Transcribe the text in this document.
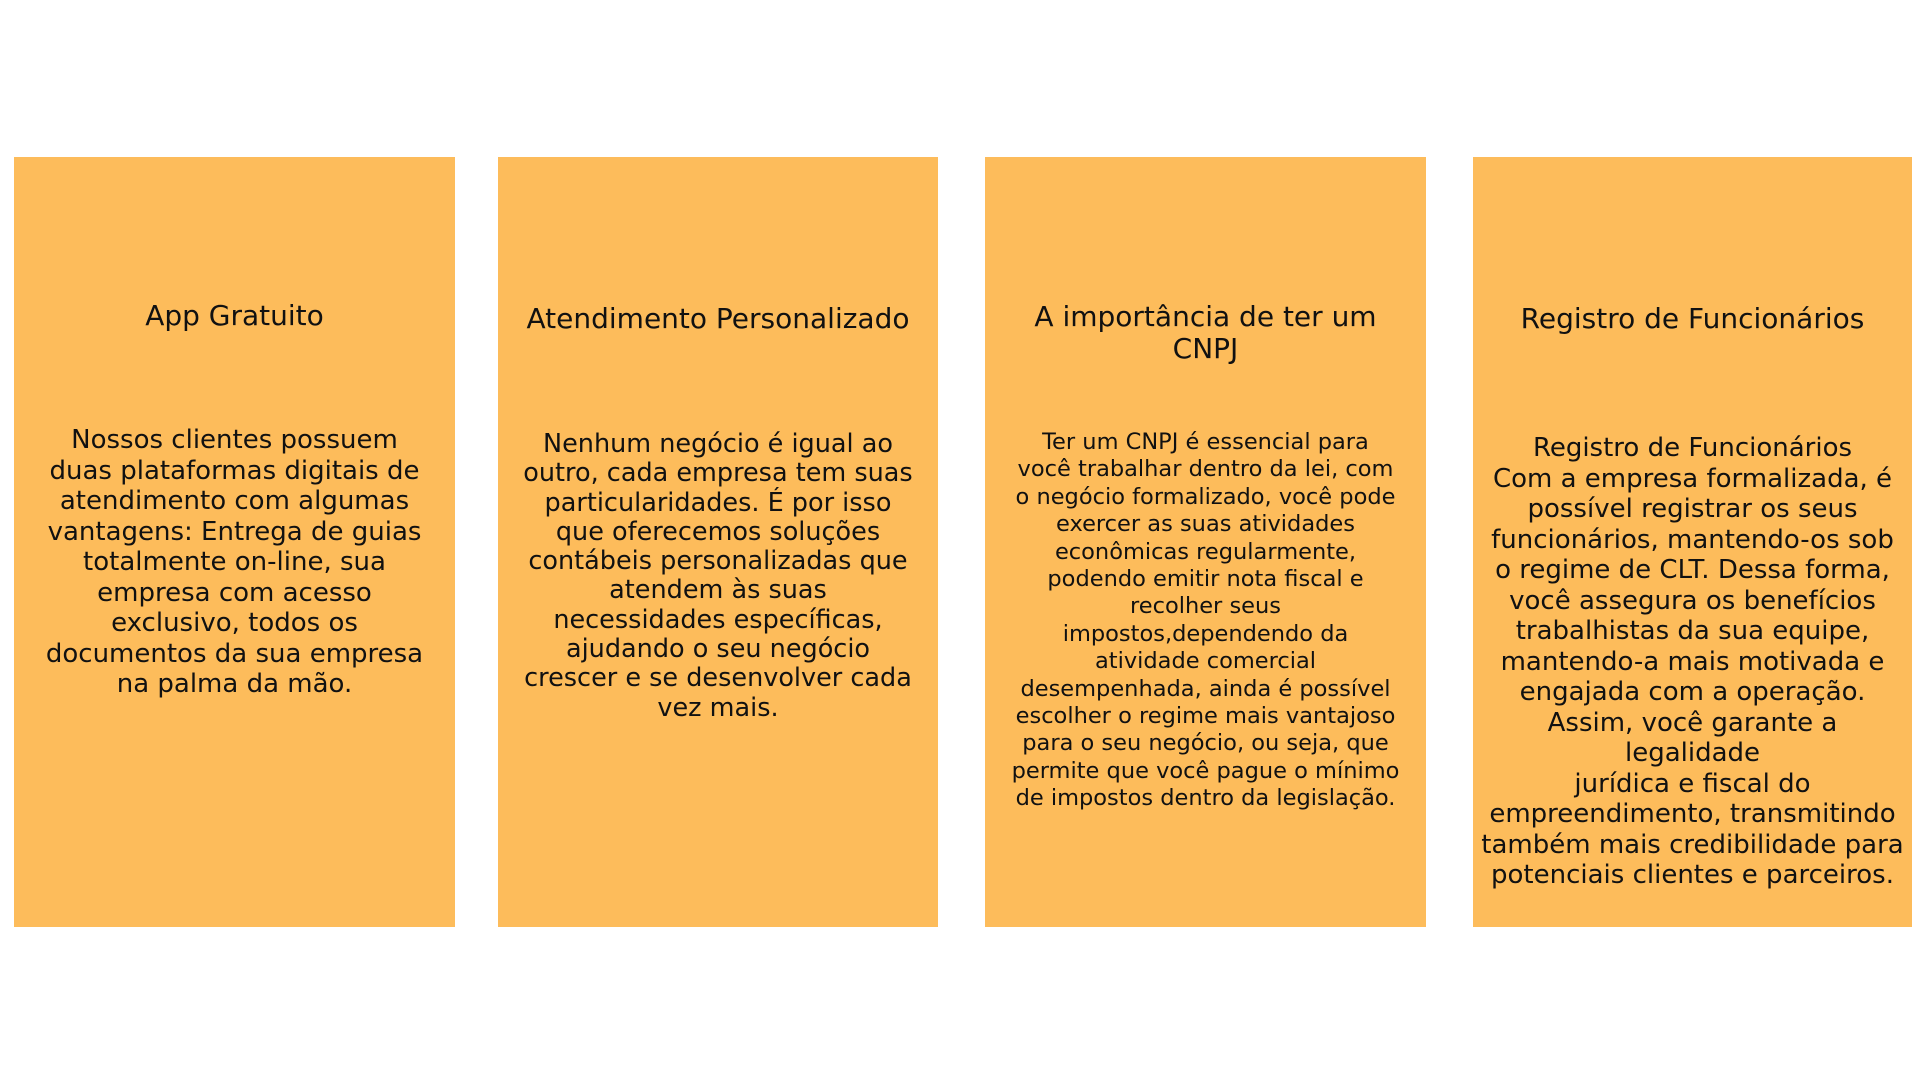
App Gratuito

Nossos clientes possuem
duas plataformas digitais de
atendimento com algumas
vantagens: Entrega de guias
totalmente on-line, sua
empresa com acesso
exclusivo, todos os
documentos da sua empresa
na palma da mão.

Atendimento Personalizado

Nenhum negócio é igual ao
outro, cada empresa tem suas
particularidades. É por isso
que oferecemos soluções
contábeis personalizadas que
atendem às suas
necessidades específicas,
ajudando o seu negócio
crescer e se desenvolver cada
vez mais.

A importância de ter um
CNPJ

Ter um CNPJ é essencial para
você trabalhar dentro da lei, com
o negócio formalizado, você pode
exercer as suas atividades
econômicas regularmente,
podendo emitir nota fiscal e
recolher seus
impostos,dependendo da
atividade comercial
desempenhada, ainda é possível
escolher o regime mais vantajoso
para o seu negócio, ou seja, que
permite que você pague o mínimo
de impostos dentro da legislação.

Registro de Funcionários

Registro de Funcionários
Com a empresa formalizada, é
possível registrar os seus
funcionários, mantendo-os sob
o regime de CLT. Dessa forma,
você assegura os benefícios
trabalhistas da sua equipe,
mantendo-a mais motivada e
engajada com a operação.
Assim, você garante a legalidade
jurídica e fiscal do
empreendimento, transmitindo
também mais credibilidade para
potenciais clientes e parceiros.
